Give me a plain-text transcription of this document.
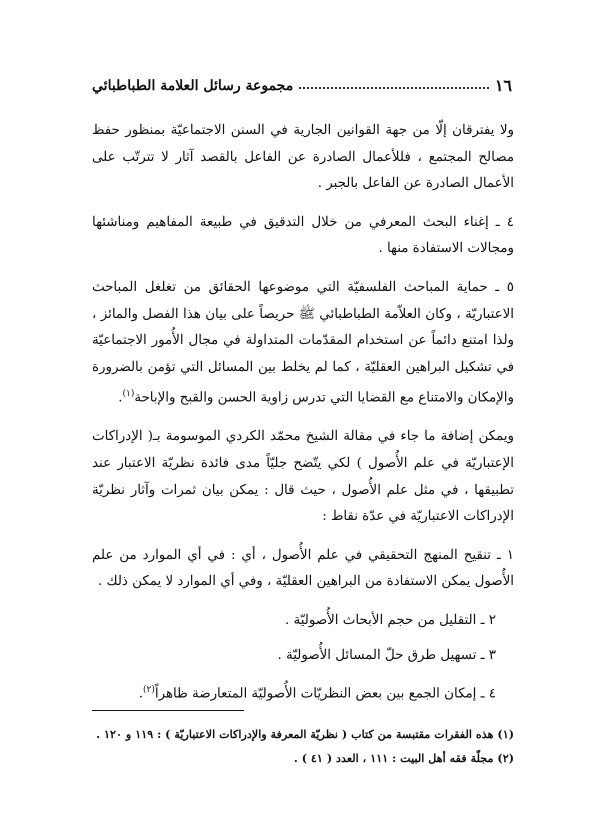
١٦
مجموعة رسائل العلامة الطباطبائي

ولا يفترقان إلّا من جهة القوانين الجارية في السنن الاجتماعيّة بمنظور حفظ مصالح المجتمع ، فللأعمال الصادرة عن الفاعل بالقصد آثار لا تترتّب على الأعمال الصادرة عن الفاعل بالجبر .

٤ ـ إغناء البحث المعرفي من خلال التدقيق في طبيعة المفاهيم ومناشئها ومجالات الاستفادة منها .

٥ ـ حماية المباحث الفلسفيّة التي موضوعها الحقائق من تغلغل المباحث الاعتباريّة ، وكان العلاّمة الطباطبائي ﷺ حريصاً على بيان هذا الفصل والمائز ، ولذا امتنع دائماً عن استخدام المقدّمات المتداولة في مجال الأُمور الاجتماعيّة في تشكيل البراهين العقليّة ، كما لم يخلط بين المسائل التي تؤمن بالضرورة والإمكان والامتناع مع القضايا التي تدرس زاوية الحسن والقبح والإباحة$^{(١)}$.

ويمكن إضافة ما جاء في مقالة الشيخ محمّد الكردي الموسومة بـ( الإدراكات الإعتباريّة في علم الأُصول ) لكي يتّضح جليّاً مدى فائدة نظريّة الاعتبار عند تطبيقها ، في مثل علم الأُصول ، حيث قال : يمكن بيان ثمرات وآثار نظريّة الإدراكات الاعتباريّة في عدّة نقاط :

١ ـ تنقيح المنهج التحقيقي في علم الأُصول ، أي : في أي الموارد من علم الأُصول يمكن الاستفادة من البراهين العقليّة ، وفي أي الموارد لا يمكن ذلك .

٢ ـ التقليل من حجم الأبحاث الأُصوليّة .

٣ ـ تسهيل طرق حلّ المسائل الأُصوليّة .

٤ ـ إمكان الجمع بين بعض النظريّات الأُصوليّة المتعارضة ظاهراً$^{(٢)}$.

(١) هذه الفقرات مقتبسة من كتاب ( نظريّة المعرفة والإدراكات الاعتباريّة ) : ١١٩ و ١٢٠ .

(٢) مجلّة فقه أهل البيت : ١١١ ، العدد ( ٤١ ) .
